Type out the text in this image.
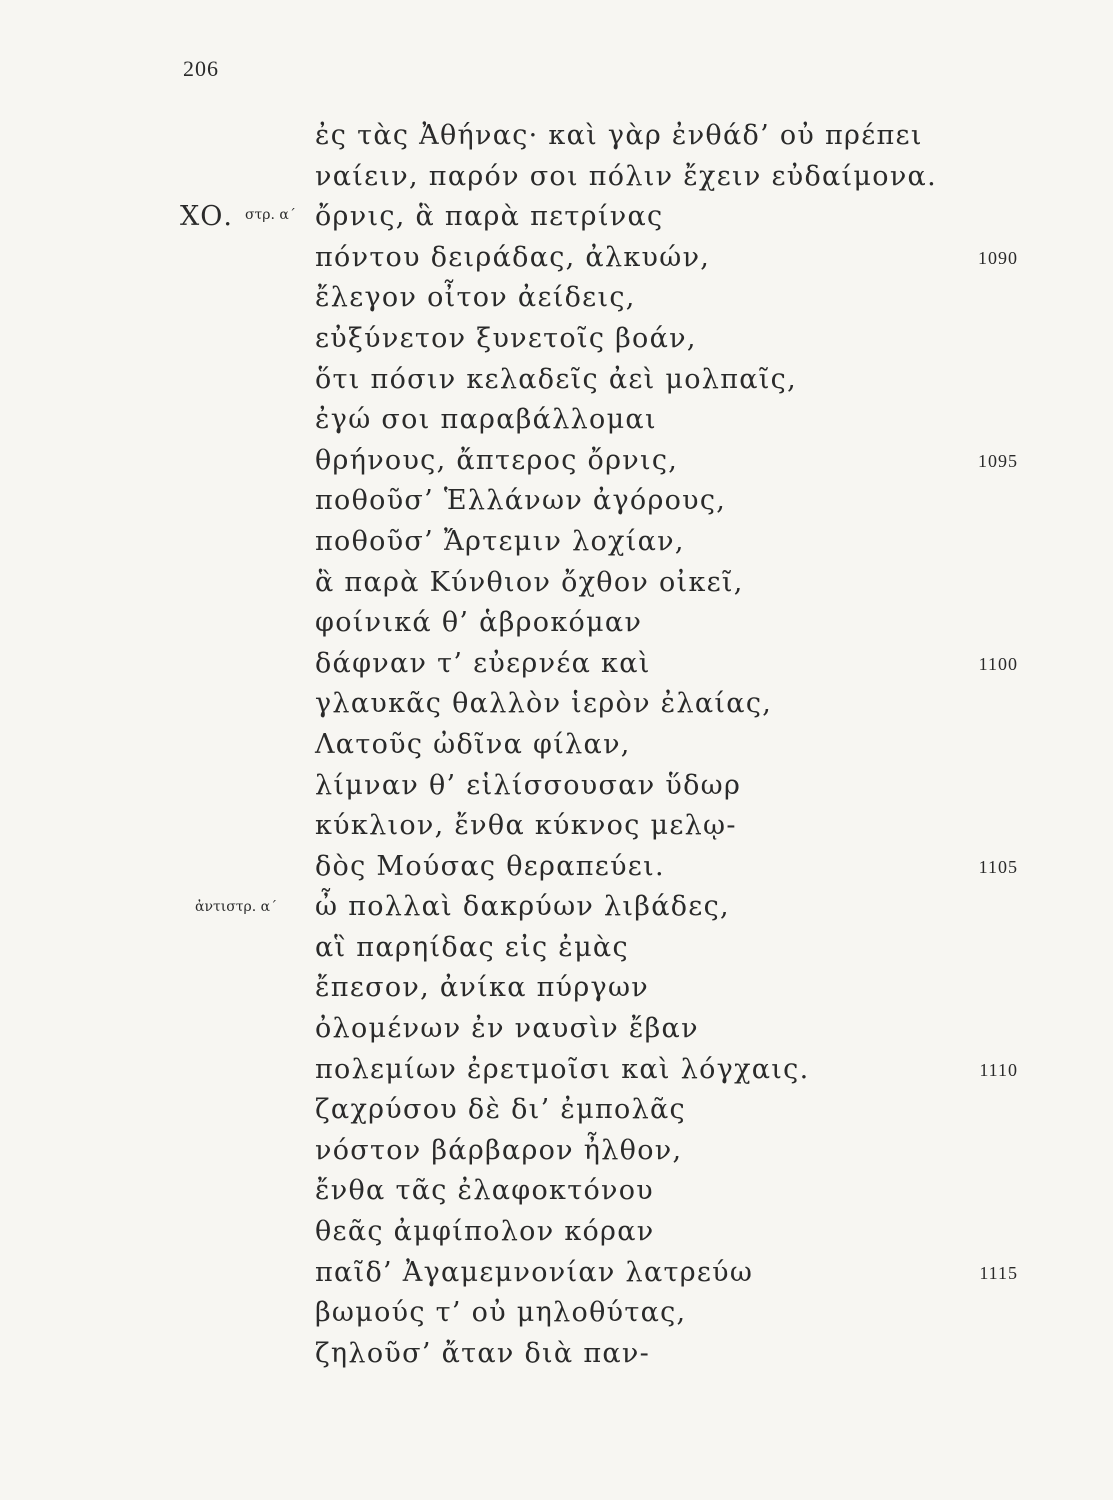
206
ἐς τὰς Ἀθήνας· καὶ γὰρ ἐνθάδ’ οὐ πρέπει
ναίειν, παρόν σοι πόλιν ἔχειν εὐδαίμονα.
ΧΟ. στρ. α΄ ὄρνις, ἃ παρὰ πετρίνας
πόντου δειράδας, ἀλκυών,	1090
ἔλεγον οἶτον ἀείδεις,
εὐξύνετον ξυνετοῖς βοάν,
ὅτι πόσιν κελαδεῖς ἀεὶ μολπαῖς,
ἐγώ σοι παραβάλλομαι
θρήνους, ἄπτερος ὄρνις,	1095
ποθοῦσ’ Ἑλλάνων ἀγόρους,
ποθοῦσ’ Ἄρτεμιν λοχίαν,
ἃ παρὰ Κύνθιον ὄχθον οἰκεῖ,
φοίνικά θ’ ἁβροκόμαν
δάφναν τ’ εὐερνέα καὶ	1100
γλαυκᾶς θαλλὸν ἱερὸν ἐλαίας,
Λατοῦς ὠδῖνα φίλαν,
λίμναν θ’ εἱλίσσουσαν ὕδωρ
κύκλιον, ἔνθα κύκνος μελῳ-
δὸς Μούσας θεραπεύει.	1105
ἀντιστρ. α΄ ὦ πολλαὶ δακρύων λιβάδες,
αἳ παρηίδας εἰς ἐμὰς
ἔπεσον, ἀνίκα πύργων
ὀλομένων ἐν ναυσὶν ἔβαν
πολεμίων ἐρετμοῖσι καὶ λόγχαις.	1110
ζαχρύσου δὲ δι’ ἐμπολᾶς
νόστον βάρβαρον ἦλθον,
ἔνθα τᾶς ἐλαφοκτόνου
θεᾶς ἀμφίπολον κόραν
παῖδ’ Ἀγαμεμνονίαν λατρεύω	1115
βωμούς τ’ οὐ μηλοθύτας,
ζηλοῦσ’ ἄταν διὰ παν-
